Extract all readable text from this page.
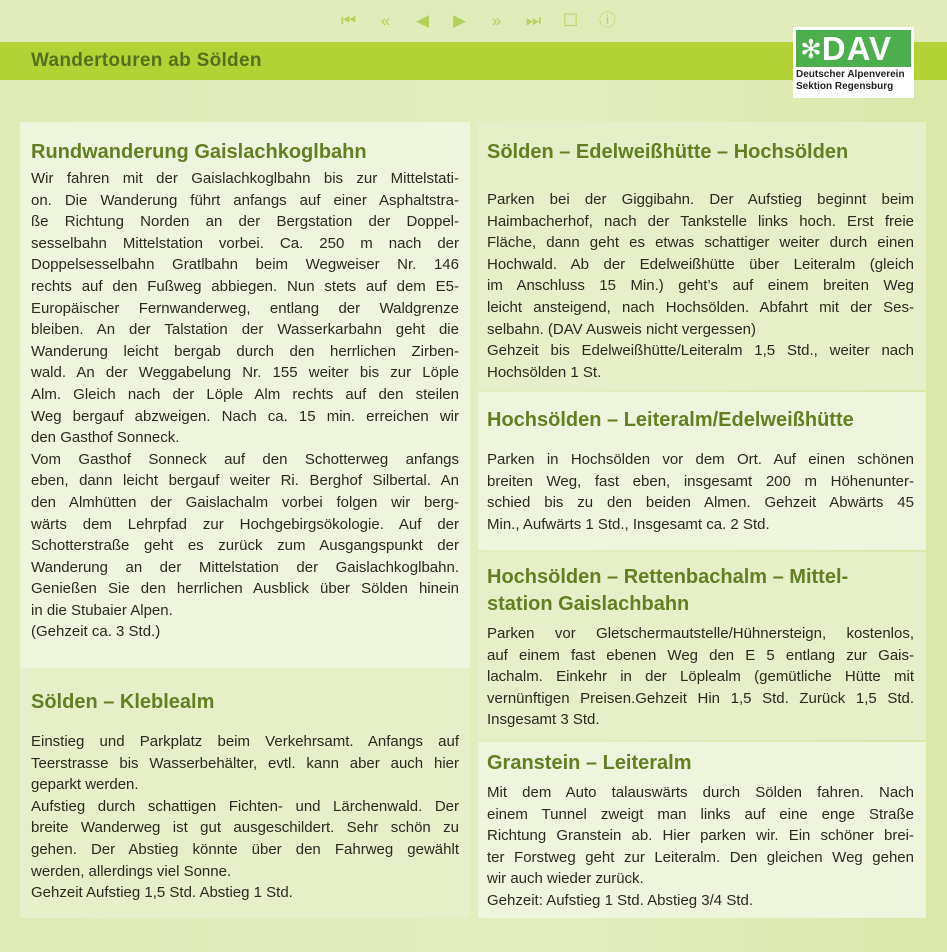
⏮	«	◀	▶	»	⏭	☐	ⓘ
Wandertouren ab Sölden	✻ DAV
Deutscher Alpenverein
Sektion Regensburg
Rundwanderung Gaislachkoglbahn
Wir fahren mit der Gaislachkoglbahn bis zur Mittelstati-
on. Die Wanderung führt anfangs auf einer Asphaltstra-
ße Richtung Norden an der Bergstation der Doppel-
sesselbahn Mittelstation vorbei. Ca. 250 m nach der
Doppelsesselbahn Gratlbahn beim Wegweiser Nr. 146
rechts auf den Fußweg abbiegen. Nun stets auf dem E5-
Europäischer Fernwanderweg, entlang der Waldgrenze
bleiben. An der Talstation der Wasserkarbahn geht die
Wanderung leicht bergab durch den herrlichen Zirben-
wald. An der Weggabelung Nr. 155 weiter bis zur Löple
Alm. Gleich nach der Löple Alm rechts auf den steilen
Weg bergauf abzweigen. Nach ca. 15 min. erreichen wir
den Gasthof Sonneck.
Vom Gasthof Sonneck auf den Schotterweg anfangs
eben, dann leicht bergauf weiter Ri. Berghof Silbertal. An
den Almhütten der Gaislachalm vorbei folgen wir berg-
wärts dem Lehrpfad zur Hochgebirgsökologie. Auf der
Schotterstraße geht es zurück zum Ausgangspunkt der
Wanderung an der Mittelstation der Gaislachkoglbahn.
Genießen Sie den herrlichen Ausblick über Sölden hinein
in die Stubaier Alpen.
(Gehzeit ca. 3 Std.)
Sölden – Kleblealm
Einstieg und Parkplatz beim Verkehrsamt. Anfangs auf
Teerstrasse bis Wasserbehälter, evtl. kann aber auch hier
geparkt werden.
Aufstieg durch schattigen Fichten- und Lärchenwald. Der
breite Wanderweg ist gut ausgeschildert. Sehr schön zu
gehen. Der Abstieg könnte über den Fahrweg gewählt
werden, allerdings viel Sonne.
Gehzeit Aufstieg 1,5 Std. Abstieg 1 Std.
Sölden – Edelweißhütte – Hochsölden
Parken bei der Giggibahn. Der Aufstieg beginnt beim
Haimbacherhof, nach der Tankstelle links hoch. Erst freie
Fläche, dann geht es etwas schattiger weiter durch einen
Hochwald. Ab der Edelweißhütte über Leiteralm (gleich
im Anschluss 15 Min.) geht’s auf einem breiten Weg
leicht ansteigend, nach Hochsölden. Abfahrt mit der Ses-
selbahn. (DAV Ausweis nicht vergessen)
Gehzeit bis Edelweißhütte/Leiteralm 1,5 Std., weiter nach
Hochsölden 1 St.
Hochsölden – Leiteralm/Edelweißhütte
Parken in Hochsölden vor dem Ort. Auf einen schönen
breiten Weg, fast eben, insgesamt 200 m Höhenunter-
schied bis zu den beiden Almen. Gehzeit Abwärts 45
Min., Aufwärts 1 Std., Insgesamt ca. 2 Std.
Hochsölden – Rettenbachalm – Mittel-
station Gaislachbahn
Parken vor Gletschermautstelle/Hühnersteign, kostenlos,
auf einem fast ebenen Weg den E 5 entlang zur Gais-
lachalm. Einkehr in der Löplealm (gemütliche Hütte mit
vernünftigen Preisen.Gehzeit Hin 1,5 Std. Zurück 1,5 Std.
Insgesamt 3 Std.
Granstein – Leiteralm
Mit dem Auto talauswärts durch Sölden fahren. Nach
einem Tunnel zweigt man links auf eine enge Straße
Richtung Granstein ab. Hier parken wir. Ein schöner brei-
ter Forstweg geht zur Leiteralm. Den gleichen Weg gehen
wir auch wieder zurück.
Gehzeit: Aufstieg 1 Std. Abstieg 3/4 Std.
